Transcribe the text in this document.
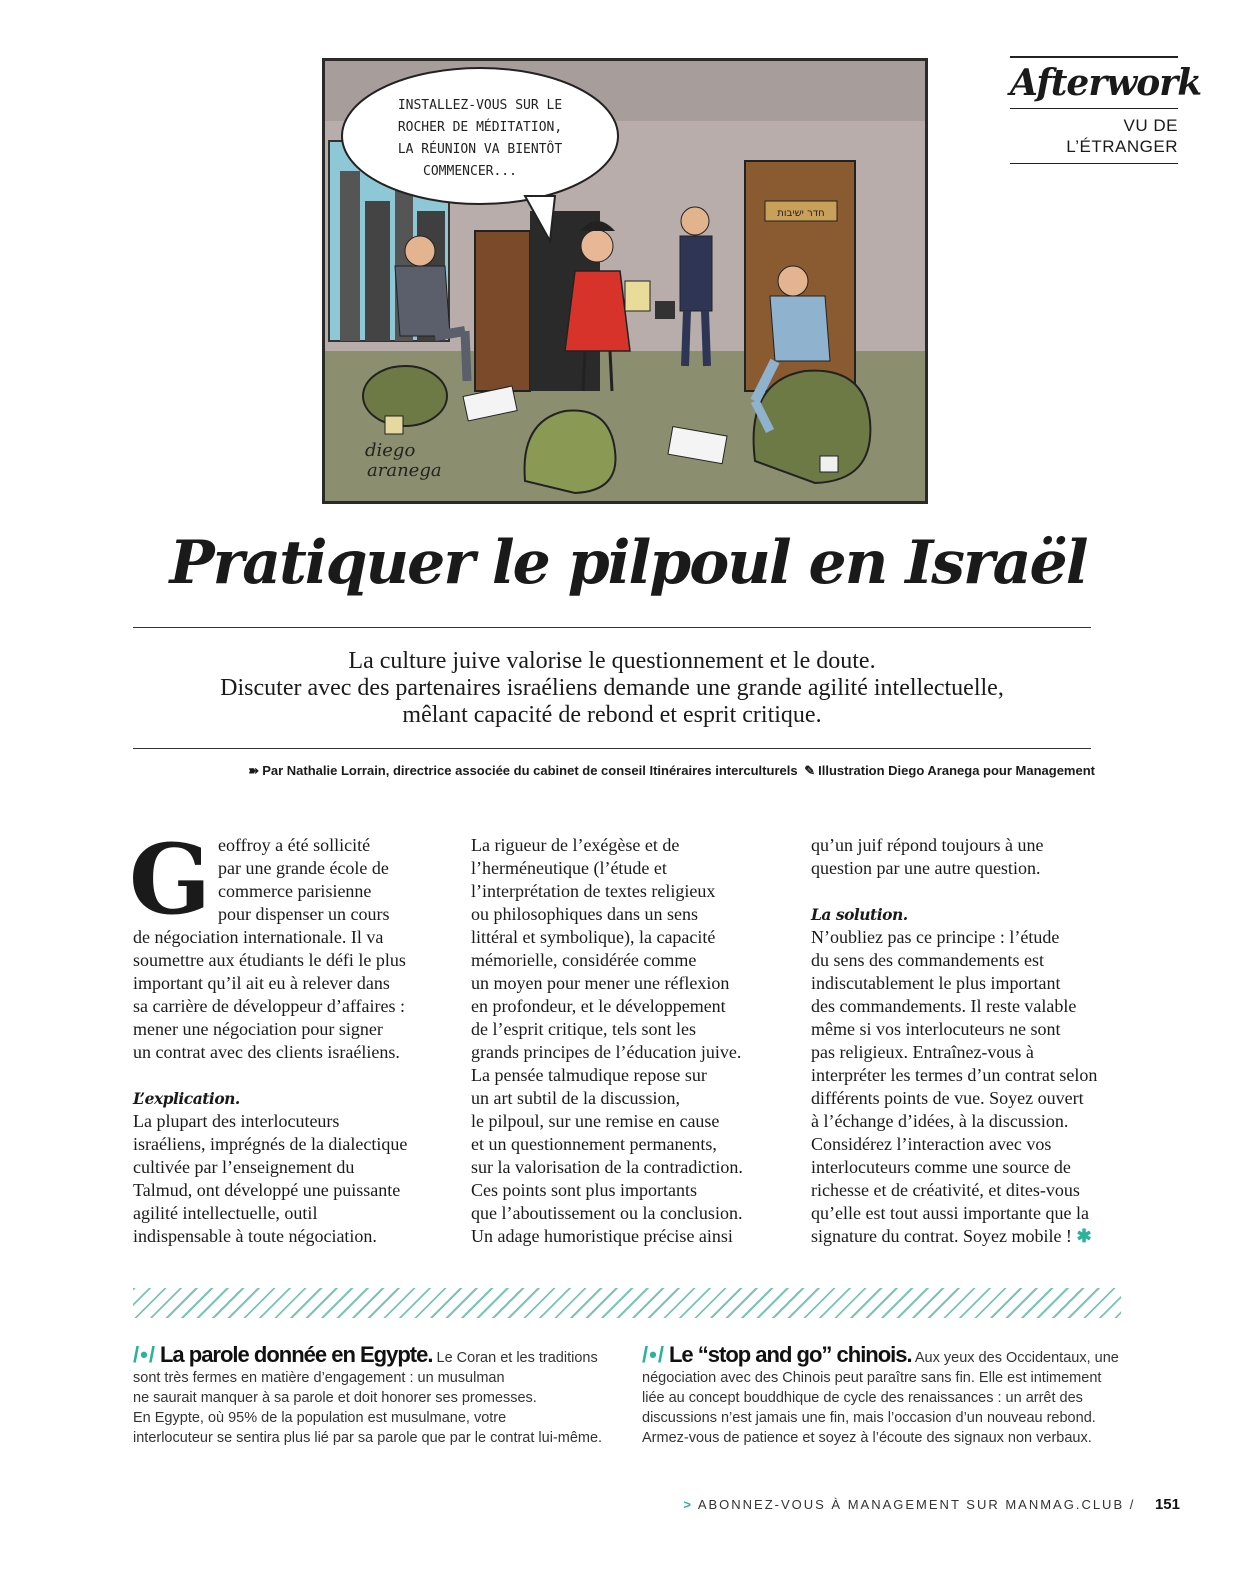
Afterwork
VU DE
L’ÉTRANGER
חדר ישיבות
INSTALLEZ-VOUS SUR LE
ROCHER DE MÉDITATION,
LA RÉUNION VA BIENTÔT
COMMENCER...
diego
aranega
Pratiquer le pilpoul en Israël

La culture juive valorise le questionnement et le doute.

Discuter avec des partenaires israéliens demande une grande agilité intellectuelle,

mêlant capacité de rebond et esprit critique.

➽ Par Nathalie Lorrain, directrice associée du cabinet de conseil Itinéraires interculturels ✎ Illustration Diego Aranega pour Management
G eoffroy a été sollicité

par une grande école de

commerce parisienne

pour dispenser un cours

de négociation internationale. Il va

soumettre aux étudiants le défi le plus

important qu’il ait eu à relever dans

sa carrière de développeur d’affaires :

mener une négociation pour signer

un contrat avec des clients israéliens.

L’explication.

La plupart des interlocuteurs

israéliens, imprégnés de la dialectique

cultivée par l’enseignement du

Talmud, ont développé une puissante

agilité intellectuelle, outil

indispensable à toute négociation.

La rigueur de l’exégèse et de

l’herméneutique (l’étude et

l’interprétation de textes religieux

ou philosophiques dans un sens

littéral et symbolique), la capacité

mémorielle, considérée comme

un moyen pour mener une réflexion

en profondeur, et le développement

de l’esprit critique, tels sont les

grands principes de l’éducation juive.

La pensée talmudique repose sur

un art subtil de la discussion,

le pilpoul, sur une remise en cause

et un questionnement permanents,

sur la valorisation de la contradiction.

Ces points sont plus importants

que l’aboutissement ou la conclusion.

Un adage humoristique précise ainsi

qu’un juif répond toujours à une

question par une autre question.

La solution.

N’oubliez pas ce principe : l’étude

du sens des commandements est

indiscutablement le plus important

des commandements. Il reste valable

même si vos interlocuteurs ne sont

pas religieux. Entraînez-vous à

interpréter les termes d’un contrat selon

différents points de vue. Soyez ouvert

à l’échange d’idées, à la discussion.

Considérez l’interaction avec vos

interlocuteurs comme une source de

richesse et de créativité, et dites-vous

qu’elle est tout aussi importante que la

signature du contrat. Soyez mobile ! ✱

/•/ La parole donnée en Egypte. Le Coran et les traditions

sont très fermes en matière d’engagement : un musulman

ne saurait manquer à sa parole et doit honorer ses promesses.

En Egypte, où 95% de la population est musulmane, votre

interlocuteur se sentira plus lié par sa parole que par le contrat lui-même.

/•/ Le “stop and go” chinois. Aux yeux des Occidentaux, une

négociation avec des Chinois peut paraître sans fin. Elle est intimement

liée au concept bouddhique de cycle des renaissances : un arrêt des

discussions n’est jamais une fin, mais l’occasion d’un nouveau rebond.

Armez-vous de patience et soyez à l’écoute des signaux non verbaux.

> ABONNEZ-VOUS À MANAGEMENT SUR MANMAG.CLUB / 151
